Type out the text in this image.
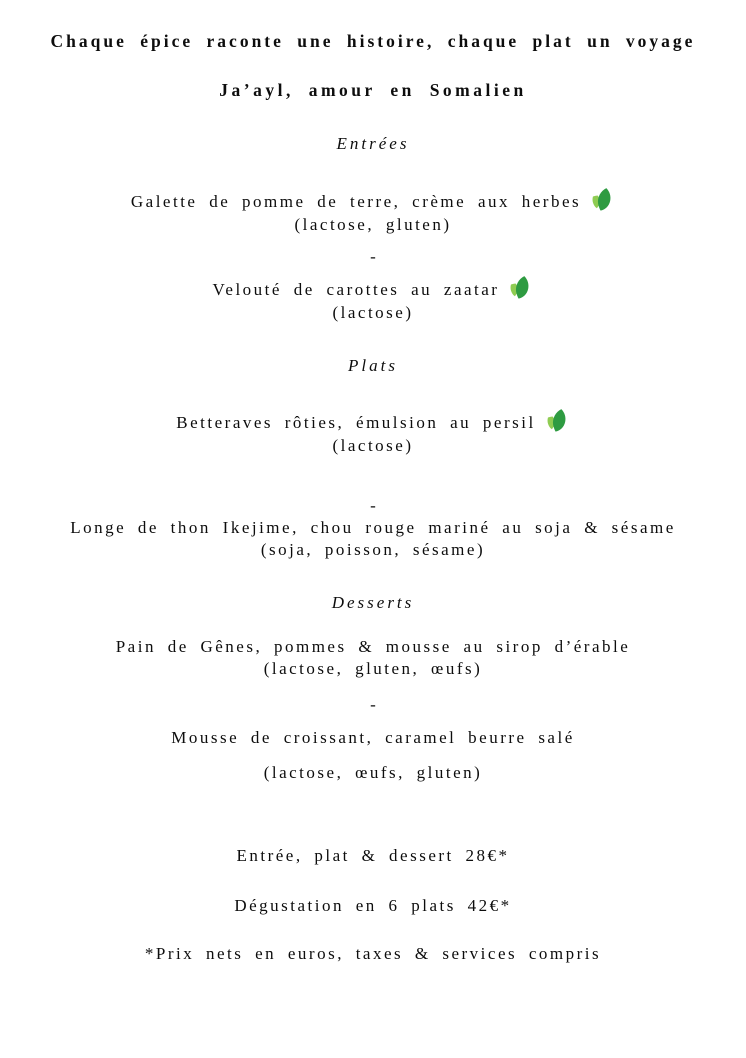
Chaque épice raconte une histoire, chaque plat un voyage
Ja’ayl, amour en Somalien
Entrées
Galette de pomme de terre, crème aux herbes
(lactose, gluten)
-
Velouté de carottes au zaatar
(lactose)
Plats
Betteraves rôties, émulsion au persil
(lactose)
-
Longe de thon Ikejime, chou rouge mariné au soja & sésame
(soja, poisson, sésame)
Desserts
Pain de Gênes, pommes & mousse au sirop d’érable
(lactose, gluten, œufs)
-
Mousse de croissant, caramel beurre salé
(lactose, œufs, gluten)
Entrée, plat & dessert 28€*
Dégustation en 6 plats 42€*
*Prix nets en euros, taxes & services compris
